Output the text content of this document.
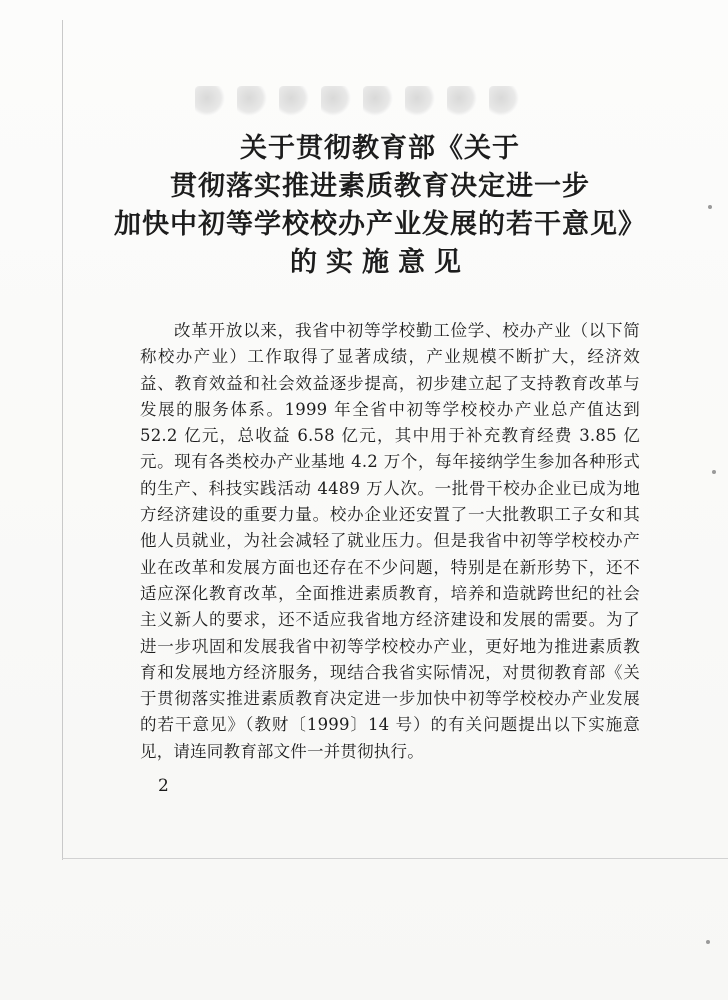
关于贯彻教育部《关于
贯彻落实推进素质教育决定进一步
加快中初等学校校办产业发展的若干意见》
的实施意见
改革开放以来，我省中初等学校勤工俭学、校办产业（以下简称校办产业）工作取得了显著成绩，产业规模不断扩大，经济效益、教育效益和社会效益逐步提高，初步建立起了支持教育改革与发展的服务体系。1999 年全省中初等学校校办产业总产值达到 52.2 亿元，总收益 6.58 亿元，其中用于补充教育经费 3.85 亿元。现有各类校办产业基地 4.2 万个，每年接纳学生参加各种形式的生产、科技实践活动 4489 万人次。一批骨干校办企业已成为地方经济建设的重要力量。校办企业还安置了一大批教职工子女和其他人员就业，为社会减轻了就业压力。但是我省中初等学校校办产业在改革和发展方面也还存在不少问题，特别是在新形势下，还不适应深化教育改革，全面推进素质教育，培养和造就跨世纪的社会主义新人的要求，还不适应我省地方经济建设和发展的需要。为了进一步巩固和发展我省中初等学校校办产业，更好地为推进素质教育和发展地方经济服务，现结合我省实际情况，对贯彻教育部《关于贯彻落实推进素质教育决定进一步加快中初等学校校办产业发展的若干意见》（教财〔1999〕14 号）的有关问题提出以下实施意见，请连同教育部文件一并贯彻执行。
2
